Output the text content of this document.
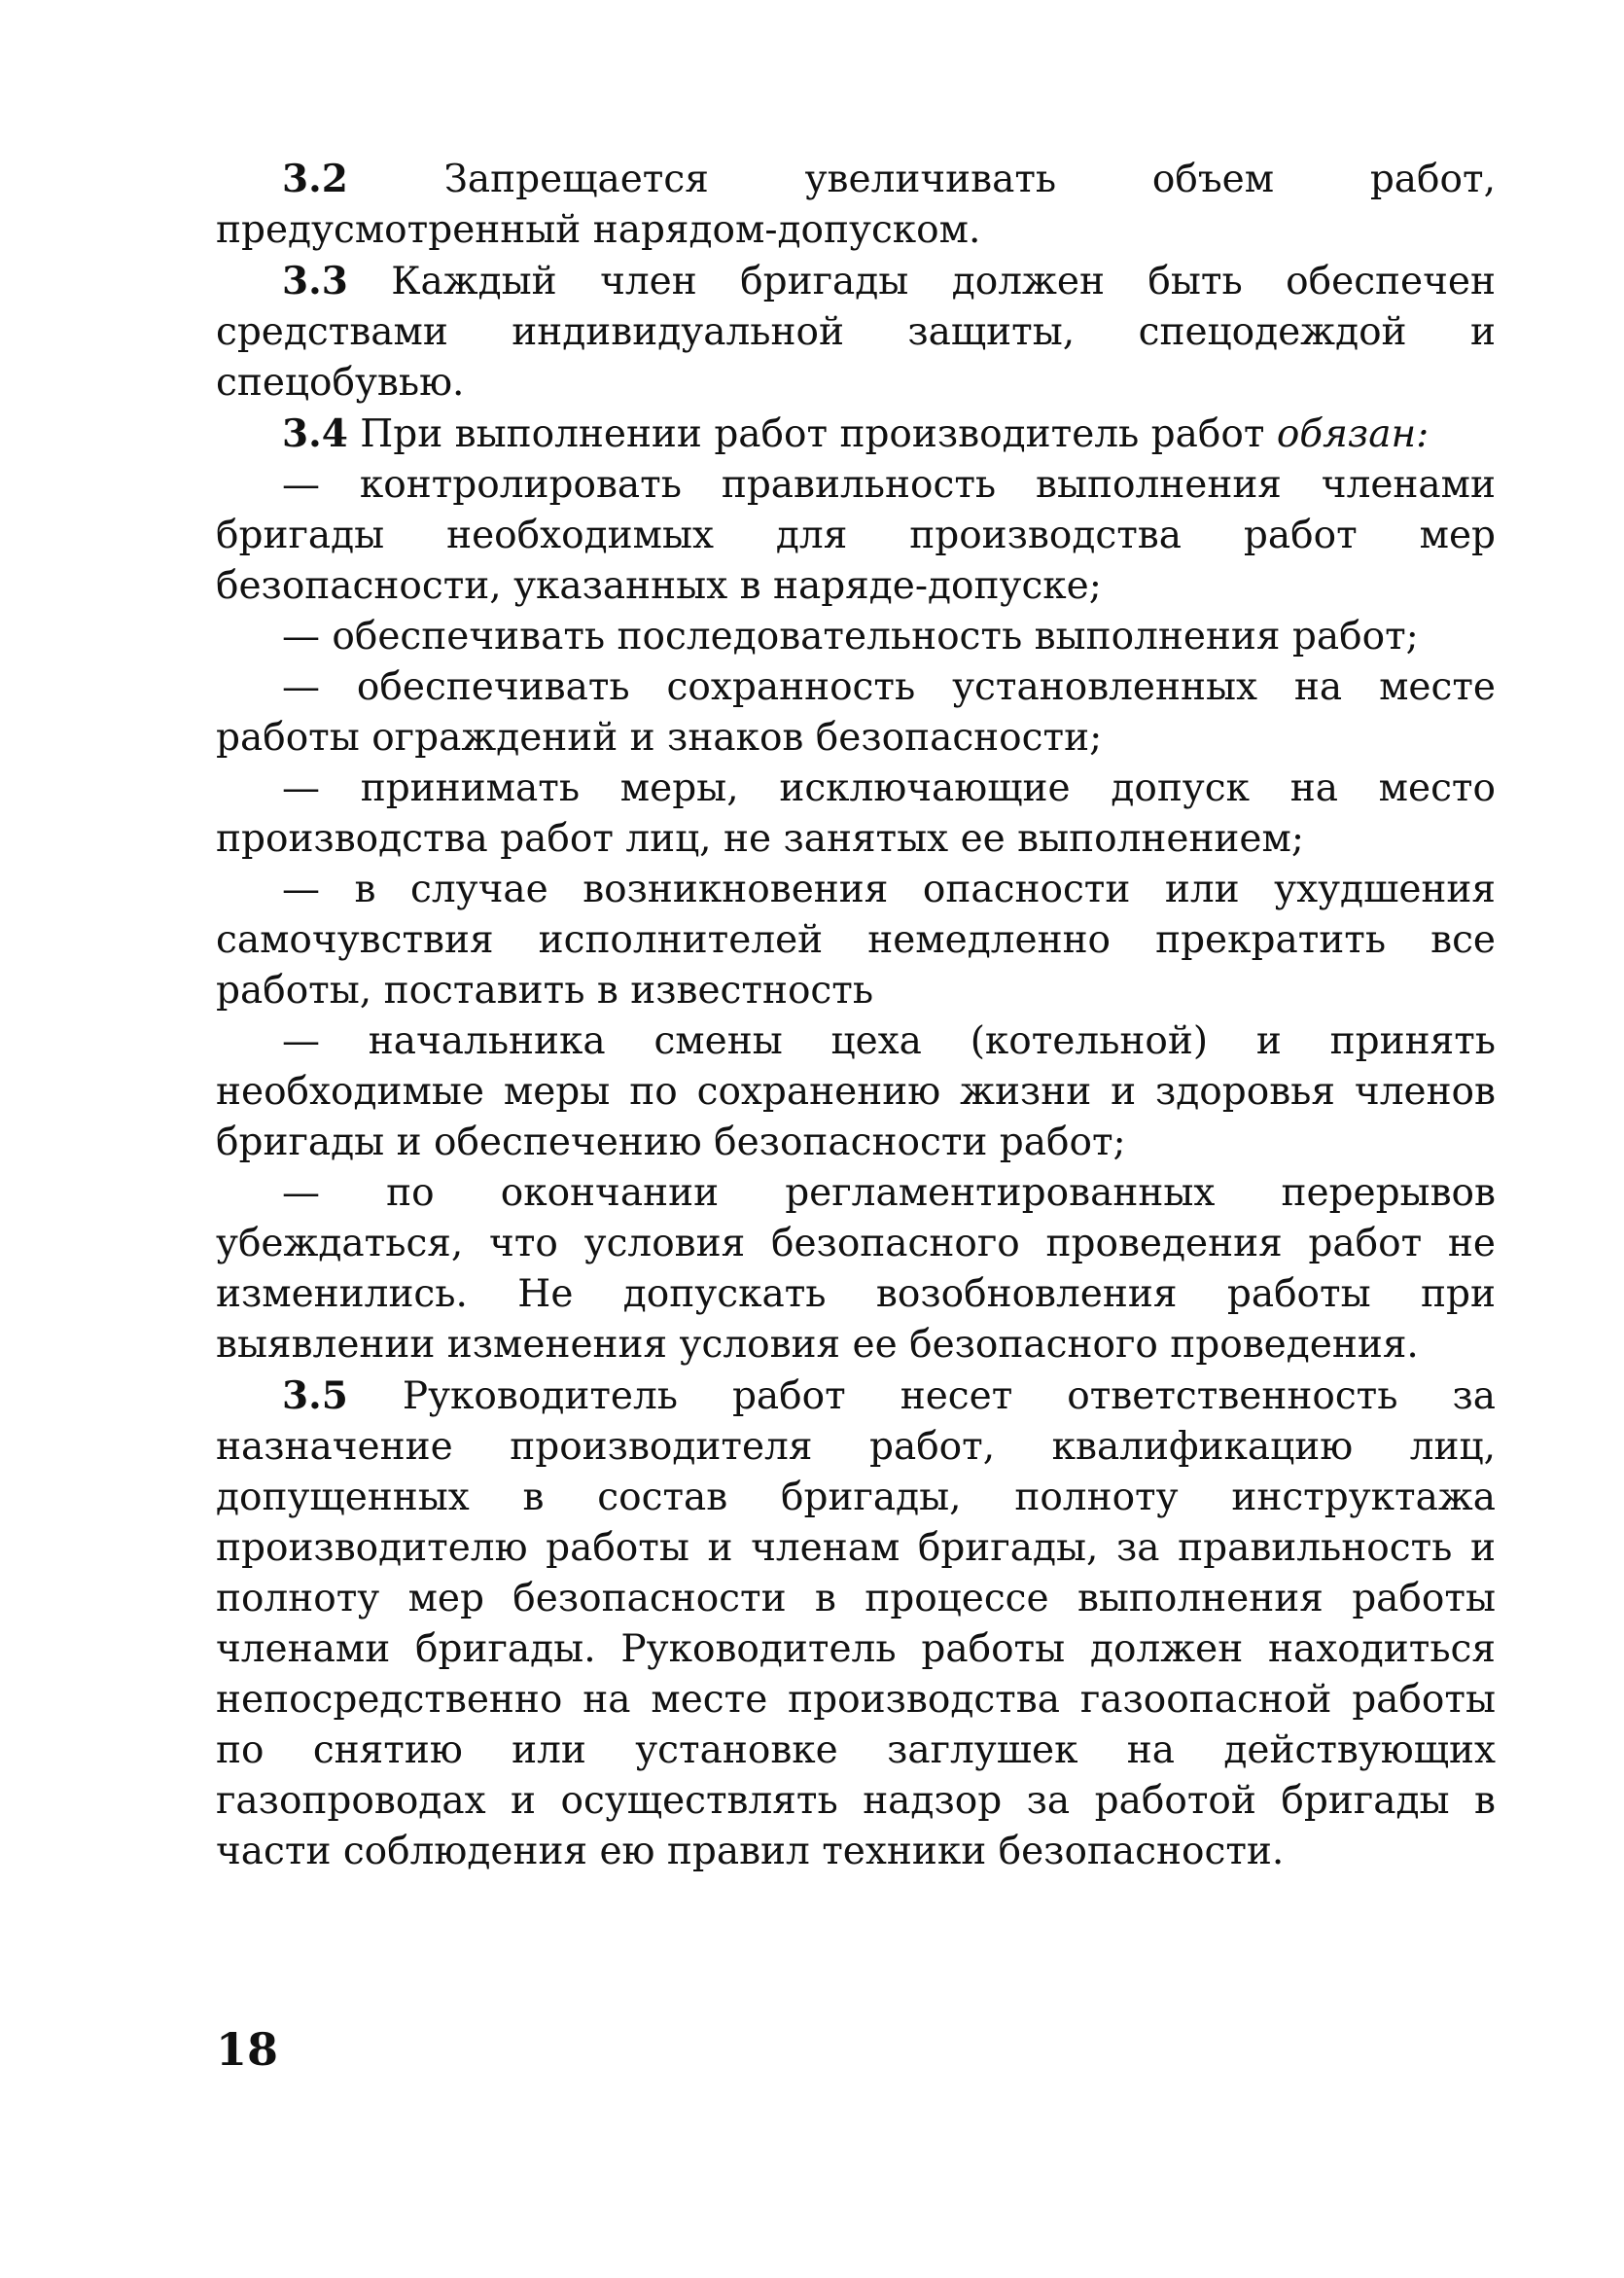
3.2 Запрещается увеличивать объем работ, предусмотренный нарядом-допуском.

3.3 Каждый член бригады должен быть обеспечен средствами индивидуальной защиты, спецодеждой и спецобувью.

3.4 При выполнении работ производитель работ обязан:

— контролировать правильность выполнения членами бригады необходимых для производства работ мер безопасности, указанных в наряде-допуске;

— обеспечивать последовательность выполнения работ;

— обеспечивать сохранность установленных на месте работы ограждений и знаков безопасности;

— принимать меры, исключающие допуск на место производства работ лиц, не занятых ее выполнением;

— в случае возникновения опасности или ухудшения самочувствия исполнителей немедленно прекратить все работы, поставить в известность

— начальника смены цеха (котельной) и принять необходимые меры по сохранению жизни и здоровья членов бригады и обеспечению безопасности работ;

— по окончании регламентированных перерывов убеждаться, что условия безопасного проведения работ не изменились. Не допускать возобновления работы при выявлении изменения условия ее безопасного проведения.

3.5 Руководитель работ несет ответственность за назначение производителя работ, квалификацию лиц, допущенных в состав бригады, полноту инструктажа производителю работы и членам бригады, за правильность и полноту мер безопасности в процессе выполнения работы членами бригады. Руководитель работы должен находиться непосредственно на месте производства газоопасной работы по снятию или установке заглушек на действующих газопроводах и осуществлять надзор за работой бригады в части соблюдения ею правил техники безопасности.

18
